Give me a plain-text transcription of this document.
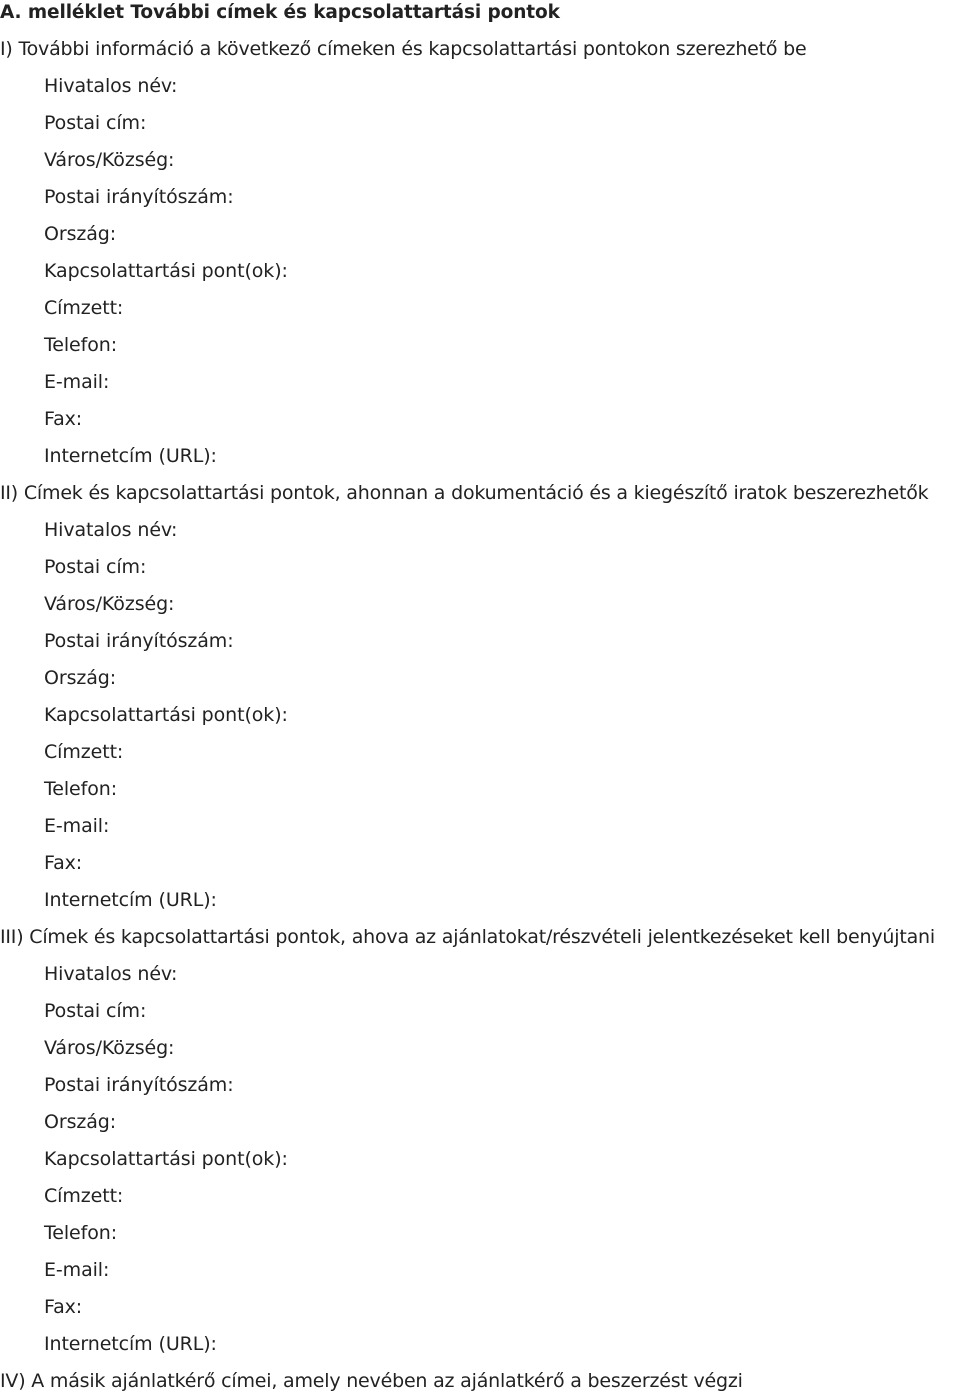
A. melléklet További címek és kapcsolattartási pontok
I) További információ a következő címeken és kapcsolattartási pontokon szerezhető be
Hivatalos név:
Postai cím:
Város/Község:
Postai irányítószám:
Ország:
Kapcsolattartási pont(ok):
Címzett:
Telefon:
E-mail:
Fax:
Internetcím (URL):
II) Címek és kapcsolattartási pontok, ahonnan a dokumentáció és a kiegészítő iratok beszerezhetők
Hivatalos név:
Postai cím:
Város/Község:
Postai irányítószám:
Ország:
Kapcsolattartási pont(ok):
Címzett:
Telefon:
E-mail:
Fax:
Internetcím (URL):
III) Címek és kapcsolattartási pontok, ahova az ajánlatokat/részvételi jelentkezéseket kell benyújtani
Hivatalos név:
Postai cím:
Város/Község:
Postai irányítószám:
Ország:
Kapcsolattartási pont(ok):
Címzett:
Telefon:
E-mail:
Fax:
Internetcím (URL):
IV) A másik ajánlatkérő címei, amely nevében az ajánlatkérő a beszerzést végzi
